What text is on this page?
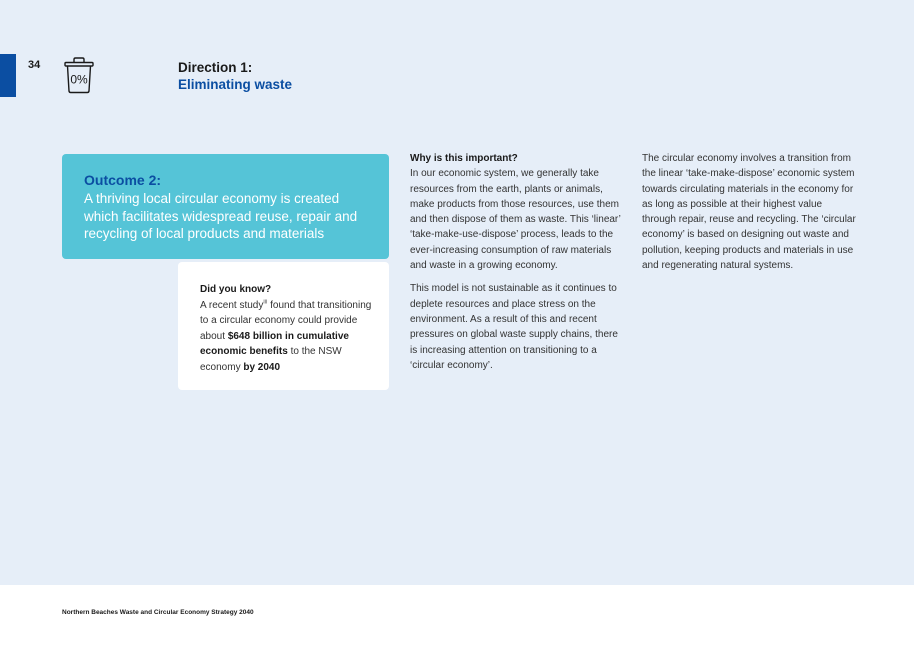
34
0%
Direction 1:
Eliminating waste
Outcome 2:
A thriving local circular economy is created which facilitates widespread reuse, repair and recycling of local products and materials
Did you know?
A recent study$^{iii}$ found that transitioning to a circular economy could provide about $648 billion in cumulative economic benefits to the NSW economy by 2040
Why is this important?

In our economic system, we generally take resources from the earth, plants or animals, make products from those resources, use them and then dispose of them as waste. This ‘linear’ ‘take-make-use-dispose’ process, leads to the ever-increasing consumption of raw materials and waste in a growing economy.

This model is not sustainable as it continues to deplete resources and place stress on the environment. As a result of this and recent pressures on global waste supply chains, there is increasing attention on transitioning to a ‘circular economy’.

The circular economy involves a transition from the linear ‘take-make-dispose’ economic system towards circulating materials in the economy for as long as possible at their highest value through repair, reuse and recycling. The ‘circular economy’ is based on designing out waste and pollution, keeping products and materials in use and regenerating natural systems.

Northern Beaches Waste and Circular Economy Strategy 2040
